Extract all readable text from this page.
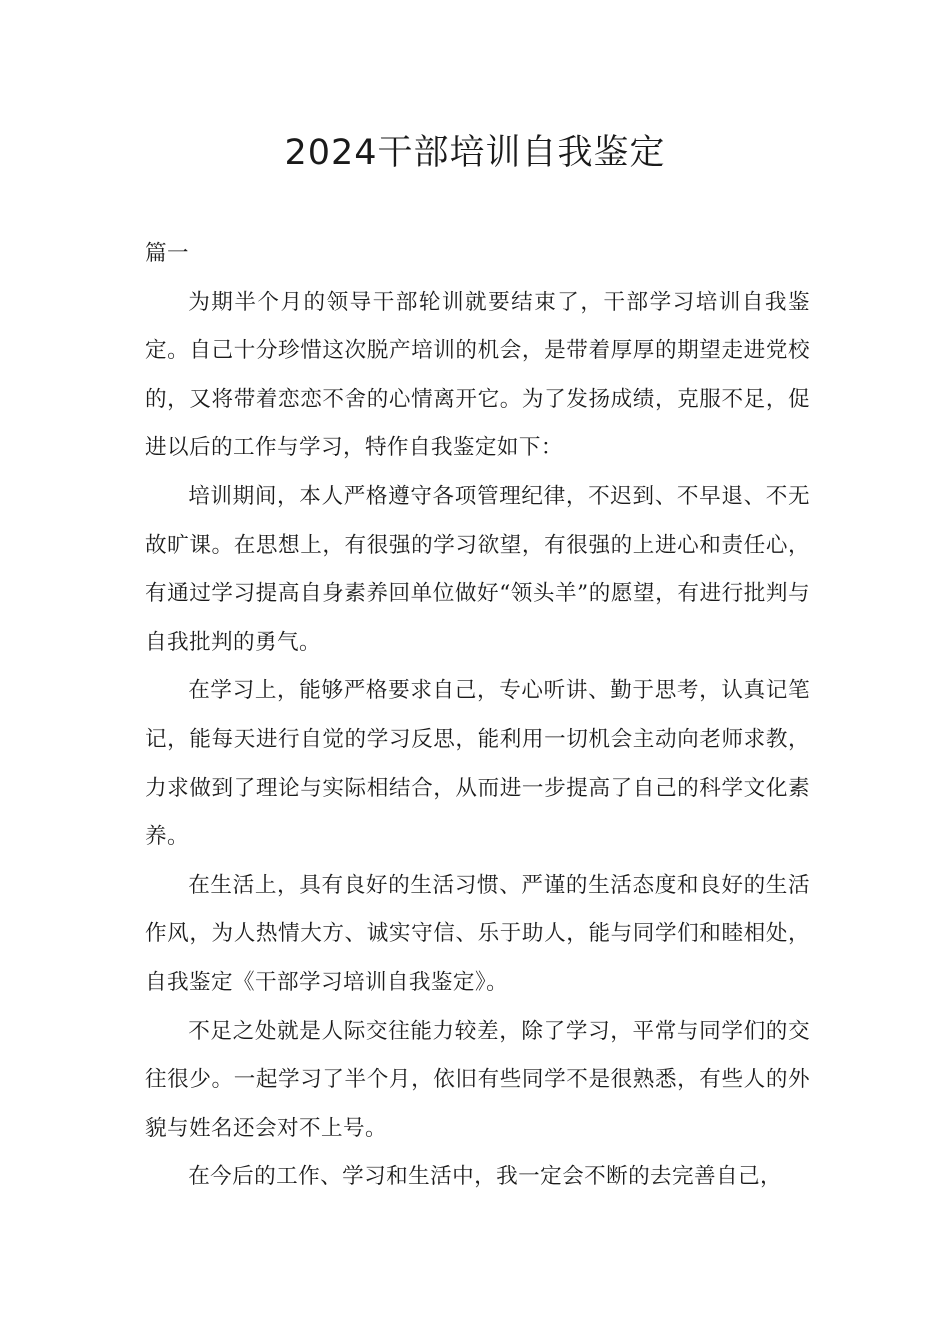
2024干部培训自我鉴定

篇一

为期半个月的领导干部轮训就要结束了，干部学习培训自我鉴定。自己十分珍惜这次脱产培训的机会，是带着厚厚的期望走进党校的，又将带着恋恋不舍的心情离开它。为了发扬成绩，克服不足，促进以后的工作与学习，特作自我鉴定如下：

培训期间，本人严格遵守各项管理纪律，不迟到、不早退、不无故旷课。在思想上，有很强的学习欲望，有很强的上进心和责任心，有通过学习提高自身素养回单位做好“领头羊”的愿望，有进行批判与自我批判的勇气。

在学习上，能够严格要求自己，专心听讲、勤于思考，认真记笔记，能每天进行自觉的学习反思，能利用一切机会主动向老师求教，力求做到了理论与实际相结合，从而进一步提高了自己的科学文化素养。

在生活上，具有良好的生活习惯、严谨的生活态度和良好的生活作风，为人热情大方、诚实守信、乐于助人，能与同学们和睦相处，自我鉴定《干部学习培训自我鉴定》。

不足之处就是人际交往能力较差，除了学习，平常与同学们的交往很少。一起学习了半个月，依旧有些同学不是很熟悉，有些人的外貌与姓名还会对不上号。

在今后的工作、学习和生活中，我一定会不断的去完善自己，
